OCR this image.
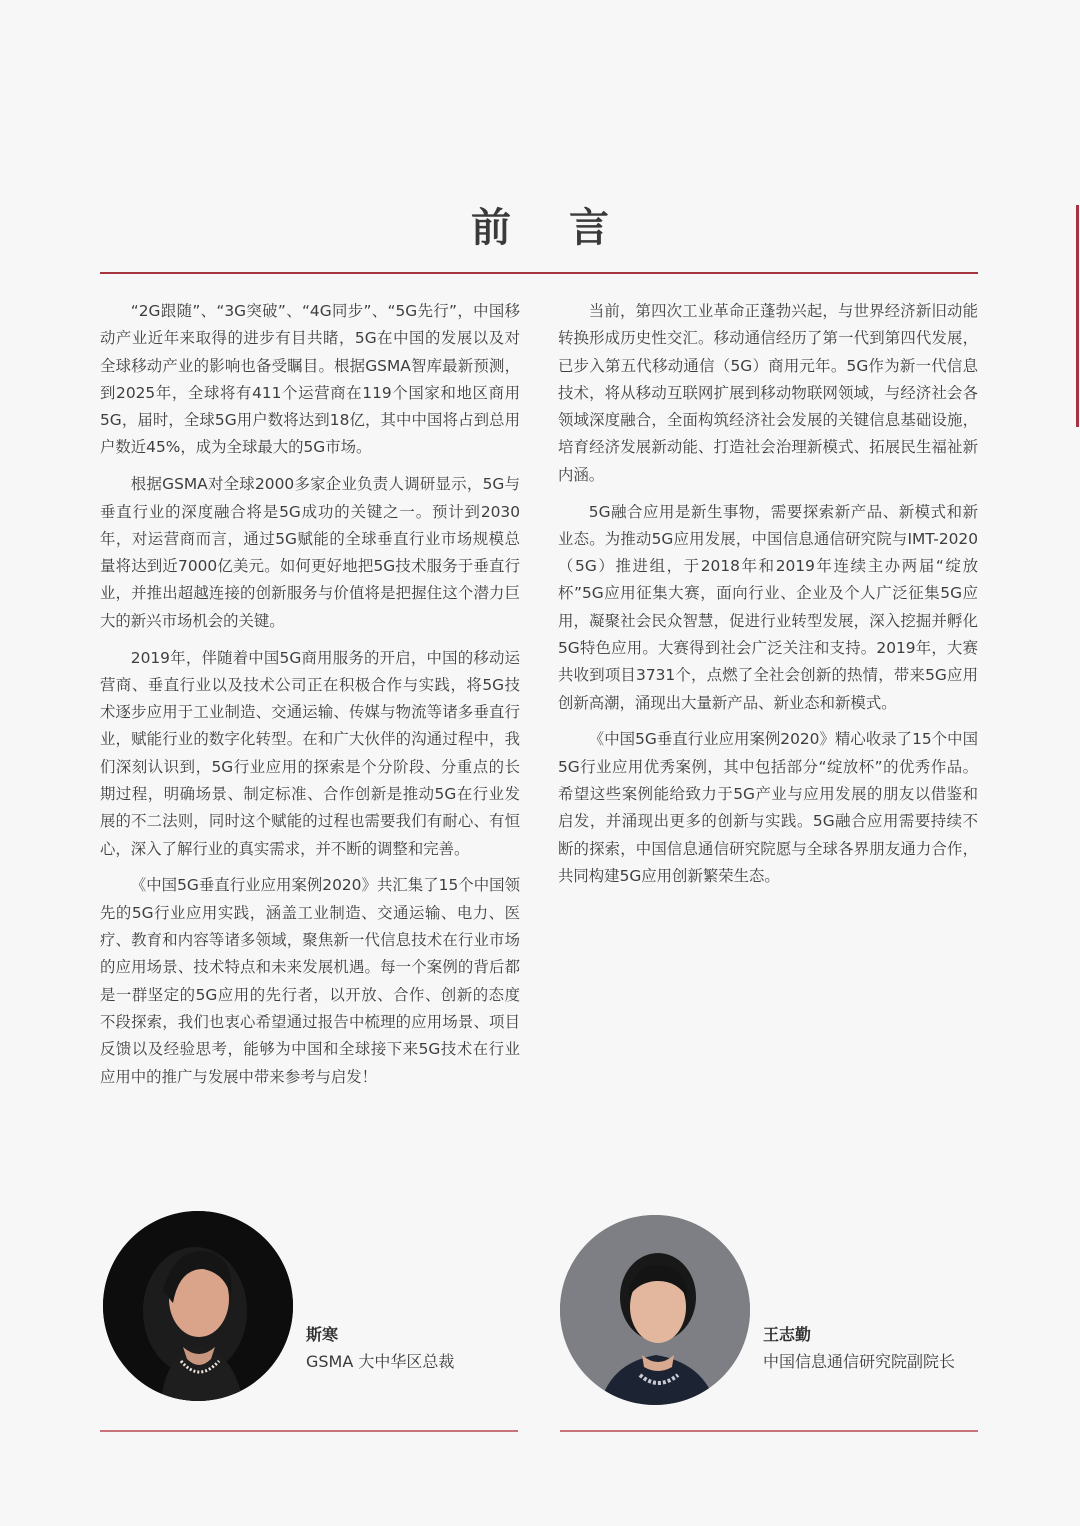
前 言

“2G跟随”、“3G突破”、“4G同步”、“5G先行”，中国移动产业近年来取得的进步有目共睹，5G在中国的发展以及对全球移动产业的影响也备受瞩目。根据GSMA智库最新预测，到2025年，全球将有411个运营商在119个国家和地区商用5G，届时，全球5G用户数将达到18亿，其中中国将占到总用户数近45%，成为全球最大的5G市场。

根据GSMA对全球2000多家企业负责人调研显示，5G与垂直行业的深度融合将是5G成功的关键之一。预计到2030年，对运营商而言，通过5G赋能的全球垂直行业市场规模总量将达到近7000亿美元。如何更好地把5G技术服务于垂直行业，并推出超越连接的创新服务与价值将是把握住这个潜力巨大的新兴市场机会的关键。

2019年，伴随着中国5G商用服务的开启，中国的移动运营商、垂直行业以及技术公司正在积极合作与实践，将5G技术逐步应用于工业制造、交通运输、传媒与物流等诸多垂直行业，赋能行业的数字化转型。在和广大伙伴的沟通过程中，我们深刻认识到，5G行业应用的探索是个分阶段、分重点的长期过程，明确场景、制定标准、合作创新是推动5G在行业发展的不二法则，同时这个赋能的过程也需要我们有耐心、有恒心，深入了解行业的真实需求，并不断的调整和完善。

《中国5G垂直行业应用案例2020》共汇集了15个中国领先的5G行业应用实践，涵盖工业制造、交通运输、电力、医疗、教育和内容等诸多领域，聚焦新一代信息技术在行业市场的应用场景、技术特点和未来发展机遇。每一个案例的背后都是一群坚定的5G应用的先行者，以开放、合作、创新的态度不段探索，我们也衷心希望通过报告中梳理的应用场景、项目反馈以及经验思考，能够为中国和全球接下来5G技术在行业应用中的推广与发展中带来参考与启发！

当前，第四次工业革命正蓬勃兴起，与世界经济新旧动能转换形成历史性交汇。移动通信经历了第一代到第四代发展，已步入第五代移动通信（5G）商用元年。5G作为新一代信息技术，将从移动互联网扩展到移动物联网领域，与经济社会各领域深度融合，全面构筑经济社会发展的关键信息基础设施，培育经济发展新动能、打造社会治理新模式、拓展民生福祉新内涵。

5G融合应用是新生事物，需要探索新产品、新模式和新业态。为推动5G应用发展，中国信息通信研究院与IMT-2020（5G）推进组，于2018年和2019年连续主办两届“绽放杯”5G应用征集大赛，面向行业、企业及个人广泛征集5G应用，凝聚社会民众智慧，促进行业转型发展，深入挖掘并孵化5G特色应用。大赛得到社会广泛关注和支持。2019年，大赛共收到项目3731个，点燃了全社会创新的热情，带来5G应用创新高潮，涌现出大量新产品、新业态和新模式。

《中国5G垂直行业应用案例2020》精心收录了15个中国5G行业应用优秀案例，其中包括部分“绽放杯”的优秀作品。希望这些案例能给致力于5G产业与应用发展的朋友以借鉴和启发，并涌现出更多的创新与实践。5G融合应用需要持续不断的探索，中国信息通信研究院愿与全球各界朋友通力合作，共同构建5G应用创新繁荣生态。

斯寒
GSMA 大中华区总裁
王志勤
中国信息通信研究院副院长
